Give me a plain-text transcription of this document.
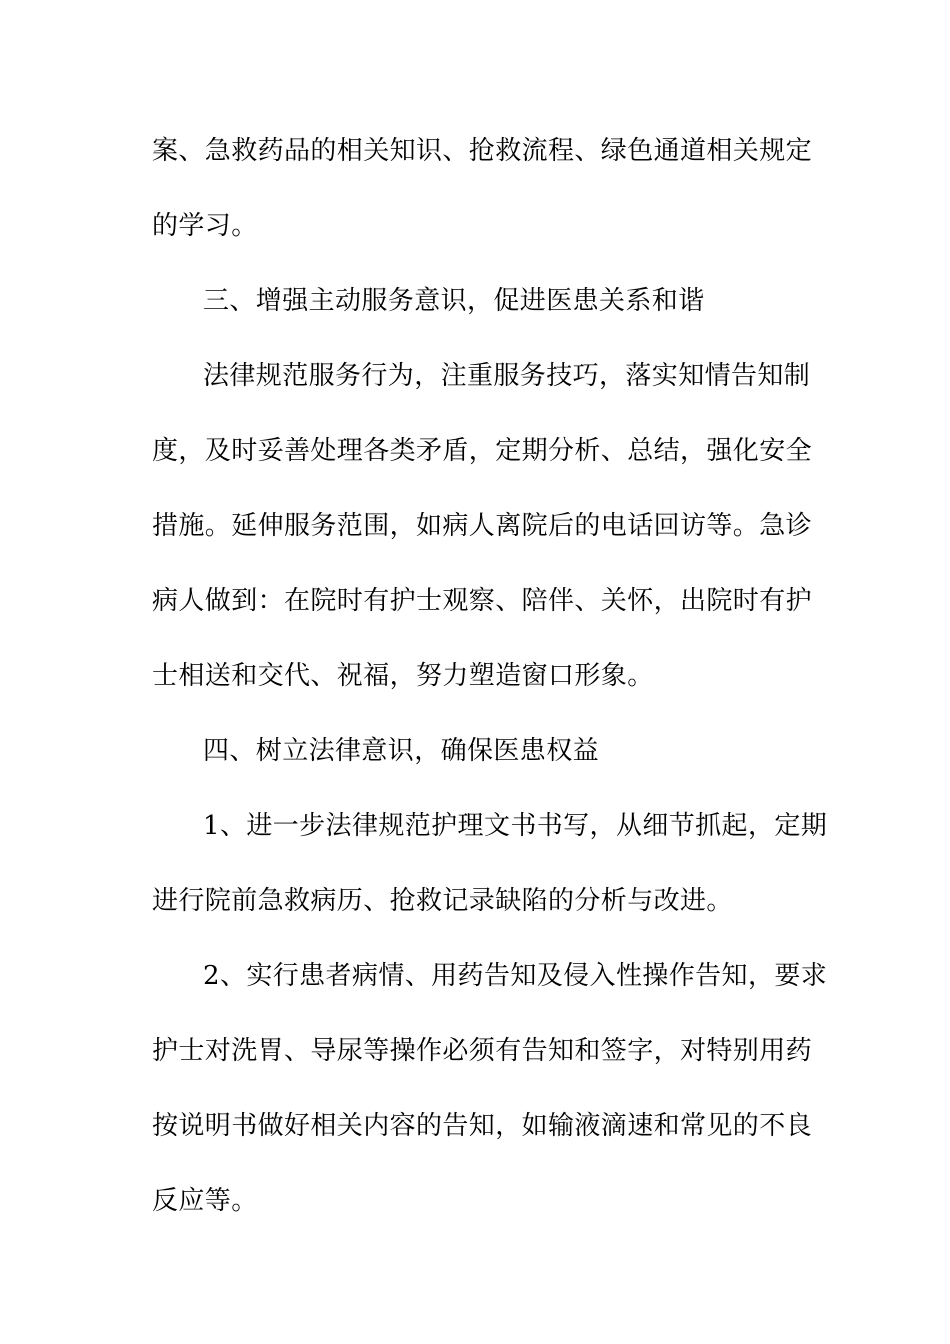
案、急救药品的相关知识、抢救流程、绿色通道相关规定
的学习。
三、增强主动服务意识，促进医患关系和谐
法律规范服务行为，注重服务技巧，落实知情告知制
度，及时妥善处理各类矛盾，定期分析、总结，强化安全
措施。延伸服务范围，如病人离院后的电话回访等。急诊
病人做到：在院时有护士观察、陪伴、关怀，出院时有护
士相送和交代、祝福，努力塑造窗口形象。
四、树立法律意识，确保医患权益
1、进一步法律规范护理文书书写，从细节抓起，定期
进行院前急救病历、抢救记录缺陷的分析与改进。
2、实行患者病情、用药告知及侵入性操作告知，要求
护士对洗胃、导尿等操作必须有告知和签字，对特别用药
按说明书做好相关内容的告知，如输液滴速和常见的不良
反应等。
